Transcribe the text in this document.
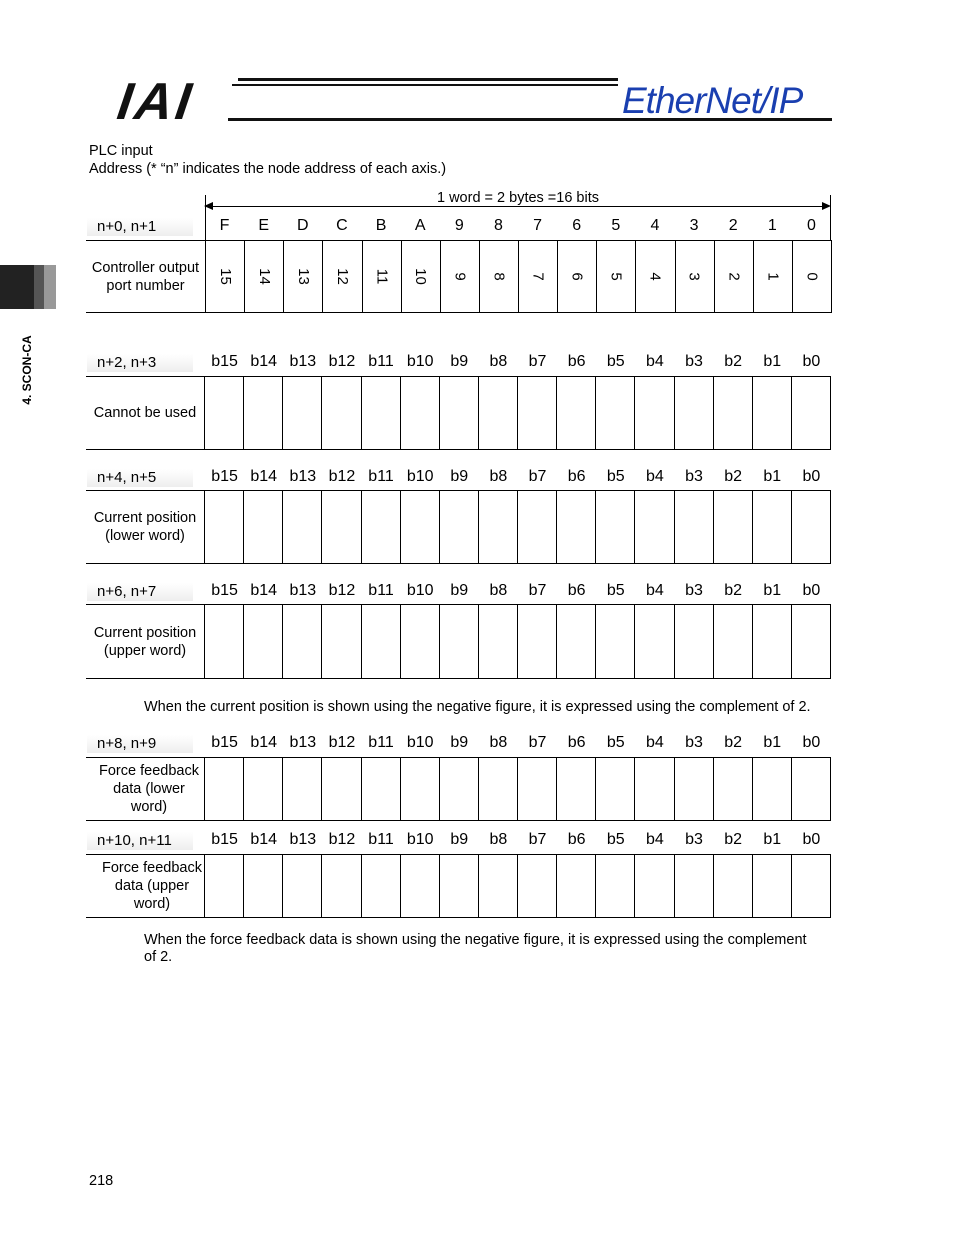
IAI	EtherNet/IP
4. SCON-CA
PLC input
Address (* “n” indicates the node address of each axis.)
1 word = 2 bytes =16 bits
n+0, n+1	F	E	D	C	B	A	9	8	7	6	5	4	3	2	1	0
Controller output port number
15 14 13 12 11 10 9 8 7 6 5 4 3 2 1 0
n+2, n+3	b15 b14 b13 b12 b11 b10	b9	b8	b7	b6	b5	b4	b3	b2	b1	b0
Cannot be used
n+4, n+5	b15 b14 b13 b12 b11 b10	b9	b8	b7	b6	b5	b4	b3	b2	b1	b0
Current position (lower word)
n+6, n+7	b15 b14 b13 b12 b11 b10	b9	b8	b7	b6	b5	b4	b3	b2	b1	b0
Current position (upper word)
n+8, n+9	b15 b14 b13 b12 b11 b10	b9	b8	b7	b6	b5	b4	b3	b2	b1	b0
Force feedback data (lower word)
n+10, n+11	b15 b14 b13 b12 b11 b10	b9	b8	b7	b6	b5	b4	b3	b2	b1	b0
Force feedback data (upper word)
When the current position is shown using the negative figure, it is expressed using the complement of 2.
When the force feedback data is shown using the negative figure, it is expressed using the complement
of 2.
218
